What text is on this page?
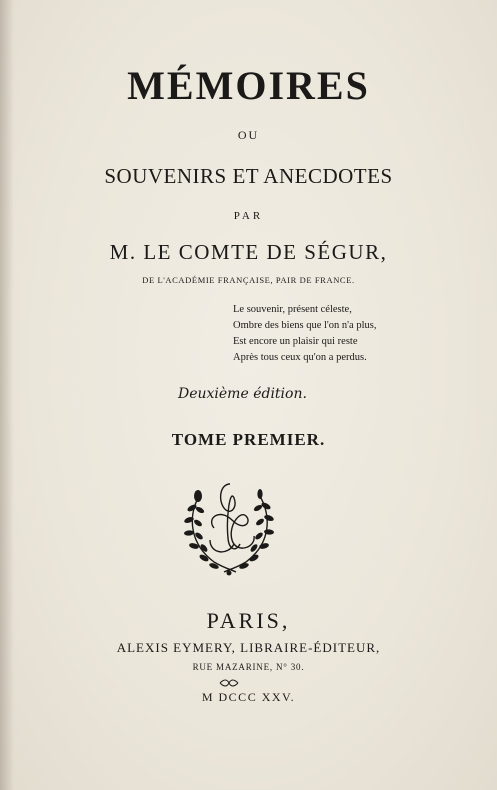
MÉMOIRES
OU
SOUVENIRS ET ANECDOTES
PAR
M. LE COMTE DE SÉGUR,
DE L'ACADÉMIE FRANÇAISE, PAIR DE FRANCE.
Le souvenir, présent céleste,
Ombre des biens que l'on n'a plus,
Est encore un plaisir qui reste
Après tous ceux qu'on a perdus.
Deuxième édition.
TOME PREMIER.
PARIS,
ALEXIS EYMERY, LIBRAIRE-ÉDITEUR,
RUE MAZARINE, N° 30.
M DCCC XXV.
